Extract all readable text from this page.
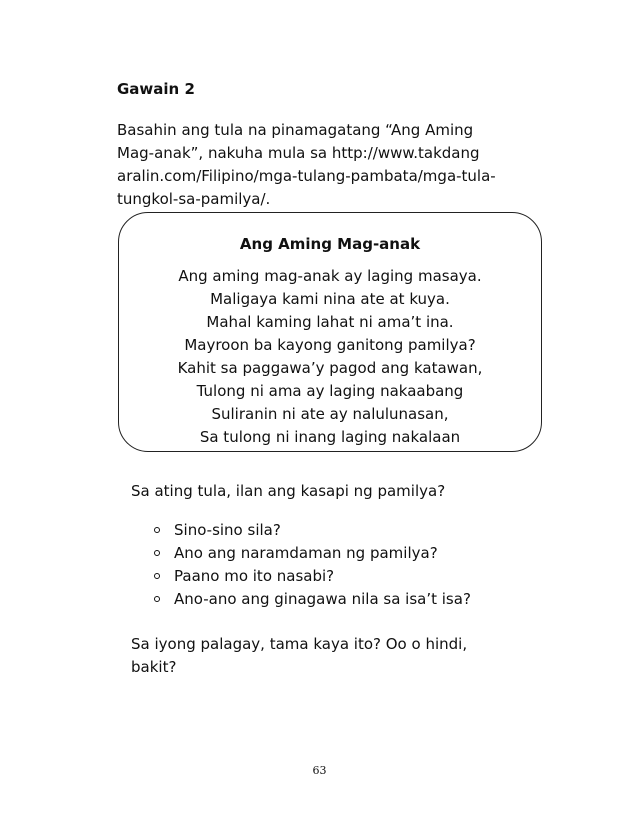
Gawain 2

Basahin ang tula na pinamagatang “Ang Aming
Mag-anak”, nakuha mula sa http://www.takdang
aralin.com/Filipino/mga-tulang-pambata/mga-tula-
tungkol-sa-pamilya/.

Ang Aming Mag-anak

Ang aming mag-anak ay laging masaya.
Maligaya kami nina ate at kuya.
Mahal kaming lahat ni ama’t ina.
Mayroon ba kayong ganitong pamilya?
Kahit sa paggawa’y pagod ang katawan,
Tulong ni ama ay laging nakaabang
Suliranin ni ate ay nalulunasan,
Sa tulong ni inang laging nakalaan

Sa ating tula, ilan ang kasapi ng pamilya?

Sino-sino sila?
Ano ang naramdaman ng pamilya?
Paano mo ito nasabi?
Ano-ano ang ginagawa nila sa isa’t isa?

Sa iyong palagay, tama kaya ito? Oo o hindi,
bakit?

63
